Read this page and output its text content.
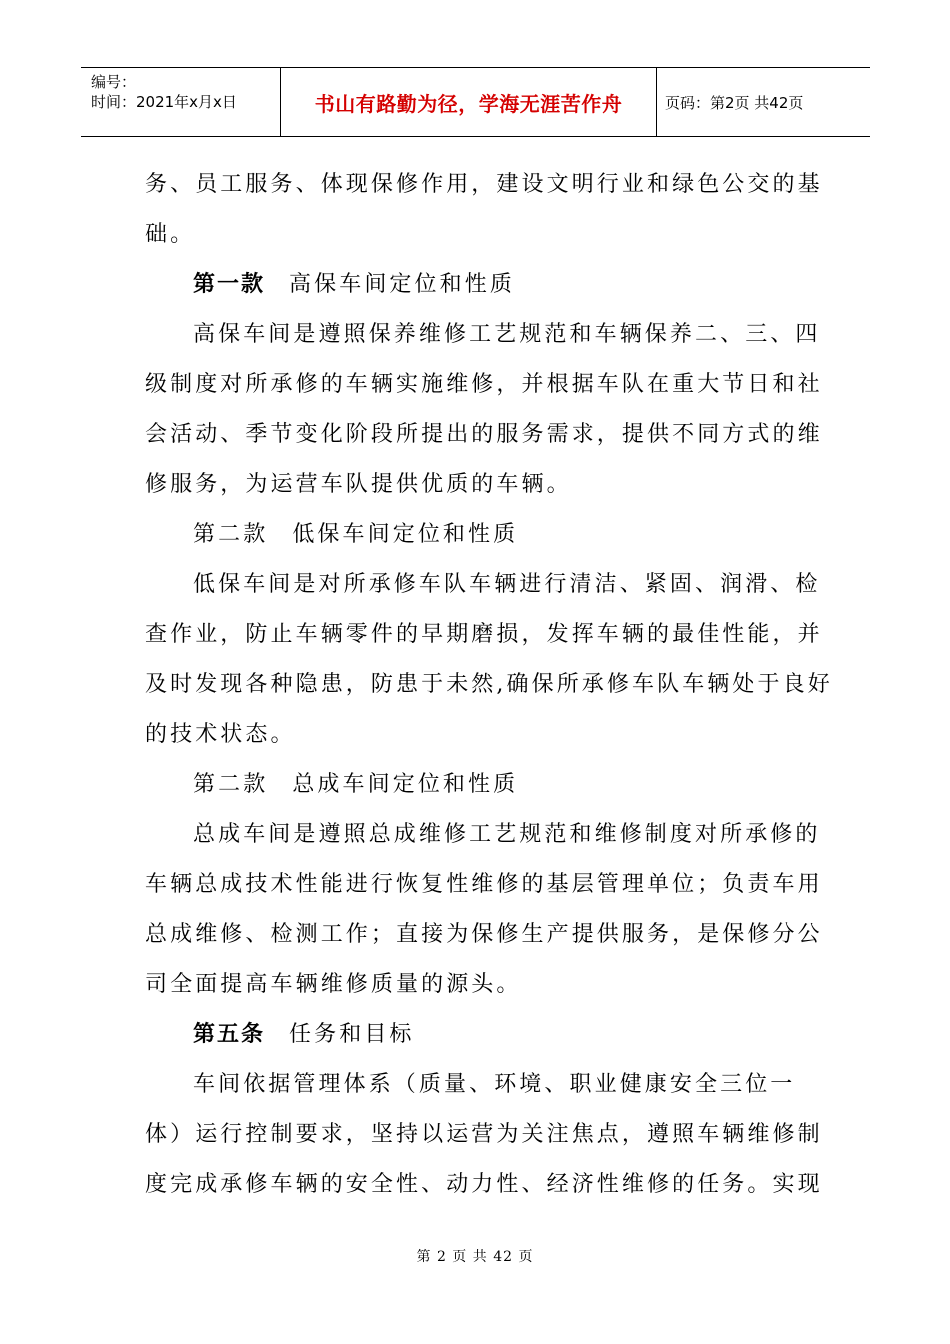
编号：
时间：2021年x月x日	书山有路勤为径，学海无涯苦作舟	页码：第2页 共42页
务、员工服务、体现保修作用，建设文明行业和绿色公交的基
础。
第一款 高保车间定位和性质
高保车间是遵照保养维修工艺规范和车辆保养二、三、四
级制度对所承修的车辆实施维修，并根据车队在重大节日和社
会活动、季节变化阶段所提出的服务需求，提供不同方式的维
修服务，为运营车队提供优质的车辆。
第二款 低保车间定位和性质
低保车间是对所承修车队车辆进行清洁、紧固、润滑、检
查作业，防止车辆零件的早期磨损，发挥车辆的最佳性能，并
及时发现各种隐患，防患于未然,确保所承修车队车辆处于良好
的技术状态。
第二款 总成车间定位和性质
总成车间是遵照总成维修工艺规范和维修制度对所承修的
车辆总成技术性能进行恢复性维修的基层管理单位；负责车用
总成维修、检测工作；直接为保修生产提供服务，是保修分公
司全面提高车辆维修质量的源头。
第五条 任务和目标
车间依据管理体系（质量、环境、职业健康安全三位一
体）运行控制要求，坚持以运营为关注焦点，遵照车辆维修制
度完成承修车辆的安全性、动力性、经济性维修的任务。实现
第 2 页 共 42 页
